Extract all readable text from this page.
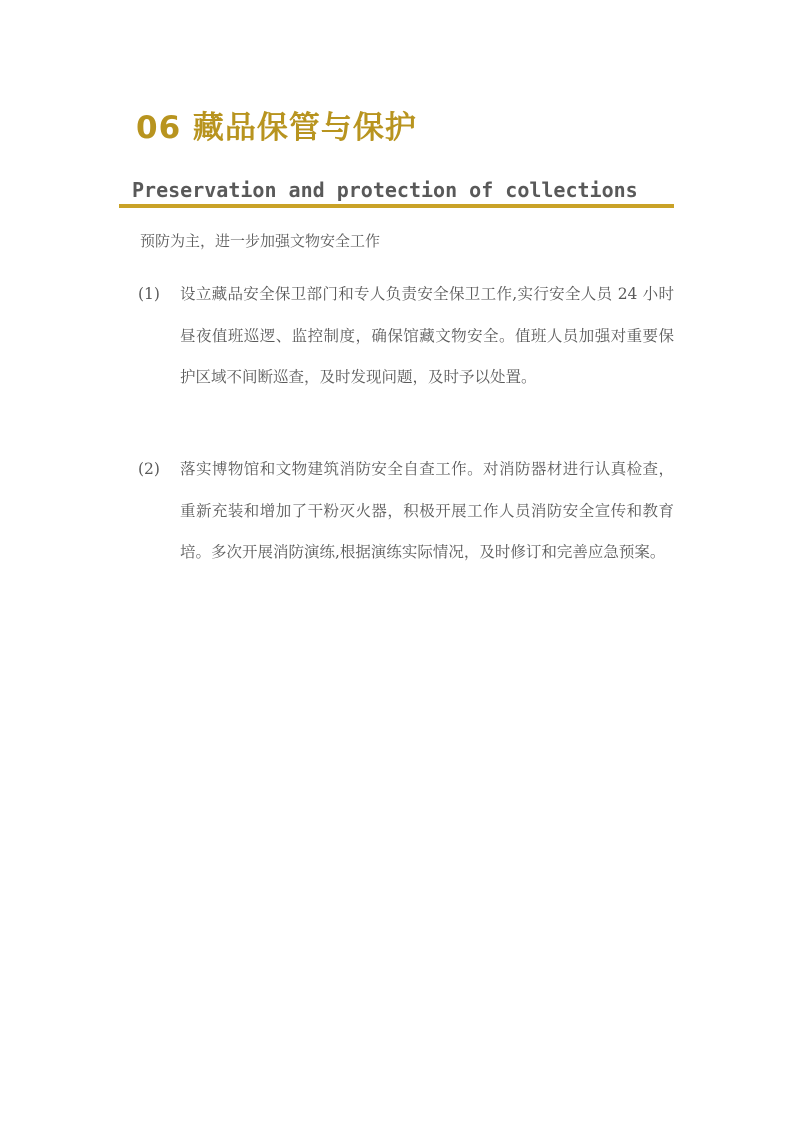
06 藏品保管与保护
Preservation and protection of collections
预防为主，进一步加强文物安全工作
(1) 设立藏品安全保卫部门和专人负责安全保卫工作,实行安全人员 24 小时昼夜值班巡逻、监控制度，确保馆藏文物安全。值班人员加强对重要保护区域不间断巡查，及时发现问题，及时予以处置。
(2) 落实博物馆和文物建筑消防安全自查工作。对消防器材进行认真检查，重新充装和增加了干粉灭火器，积极开展工作人员消防安全宣传和教育培。多次开展消防演练,根据演练实际情况，及时修订和完善应急预案。
